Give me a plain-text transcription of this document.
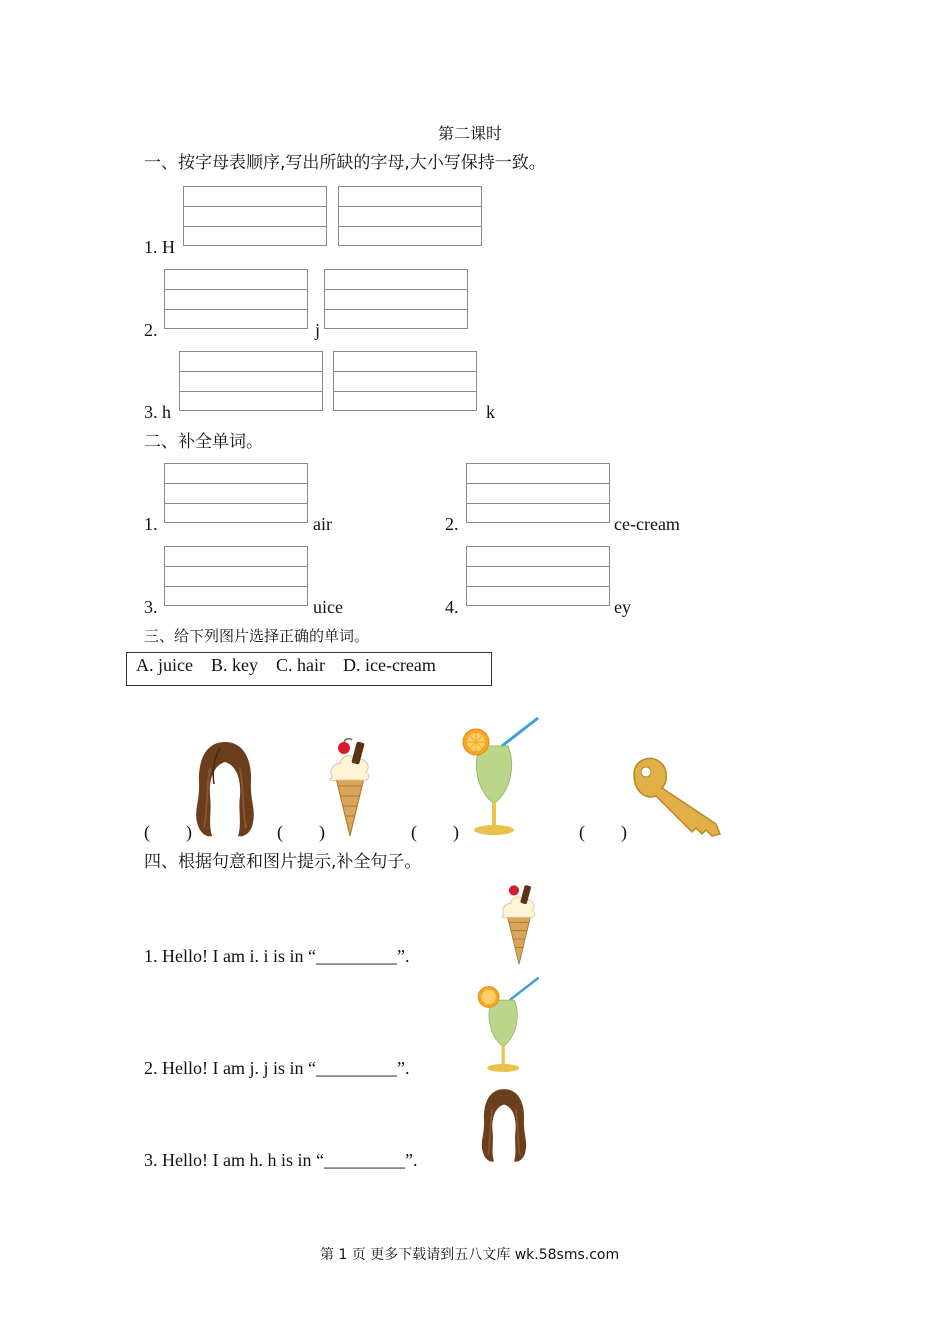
第二课时
一、按字母表顺序,写出所缺的字母,大小写保持一致。
1. H
2.	j
3. h	k
二、补全单词。
1.	air	2.	ce-cream
3.	uice	4.	ey
三、给下列图片选择正确的单词。
A. juice    B. key    C. hair    D. ice-cream
(        )	(        )	(        )	(        )
四、根据句意和图片提示,补全句子。
1. Hello! I am i. i is in “_________”.
2. Hello! I am j. j is in “_________”.
3. Hello! I am h. h is in “_________”.
第 1 页 更多下载请到五八文库 wk.58sms.com
